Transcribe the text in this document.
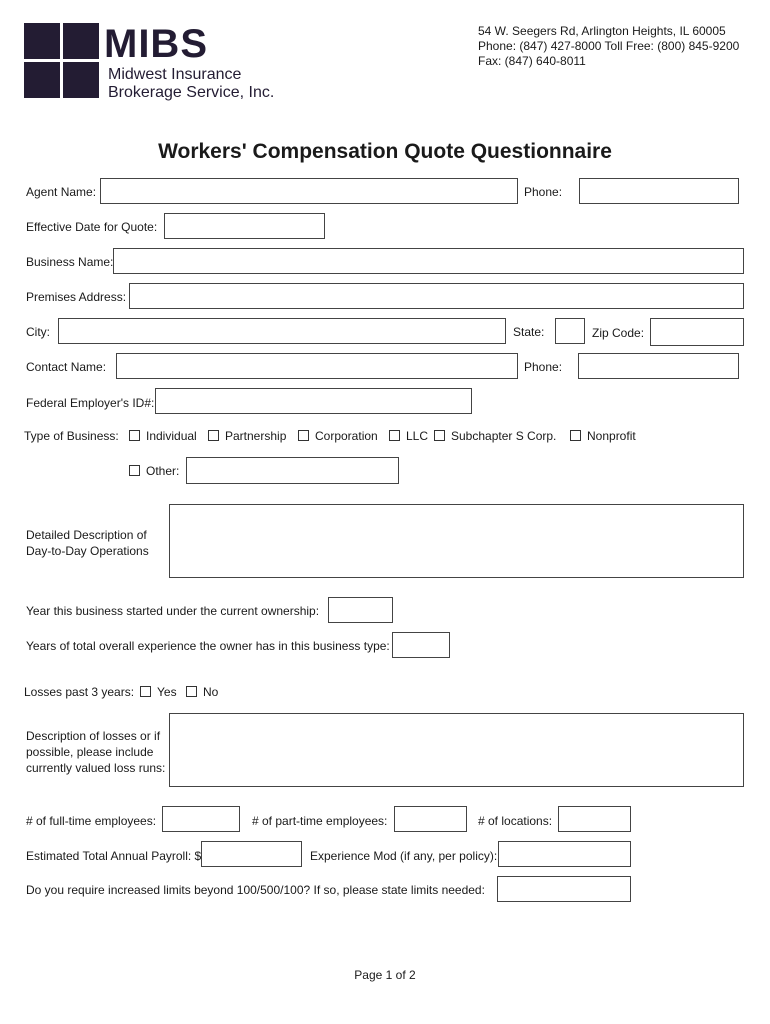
MIBS
Midwest Insurance
Brokerage Service, Inc.
54 W. Seegers Rd, Arlington Heights, IL 60005
Phone: (847) 427-8000 Toll Free: (800) 845-9200
Fax: (847) 640-8011
Workers' Compensation Quote Questionnaire
Agent Name:	Phone:
Effective Date for Quote:
Business Name:
Premises Address:
City:	State:	Zip Code:
Contact Name:	Phone:
Federal Employer's ID#:
Type of Business: Individual Partnership Corporation LLC Subchapter S Corp.	Nonprofit
Other:
Detailed Description of
Day-to-Day Operations
Year this business started under the current ownership:
Years of total overall experience the owner has in this business type:
Losses past 3 years: Yes No
Description of losses or if
possible, please include
currently valued loss runs:
# of full-time employees:	# of part-time employees:	# of locations:
Estimated Total Annual Payroll: $	Experience Mod (if any, per policy):
Do you require increased limits beyond 100/500/100? If so, please state limits needed:
Page 1 of 2
